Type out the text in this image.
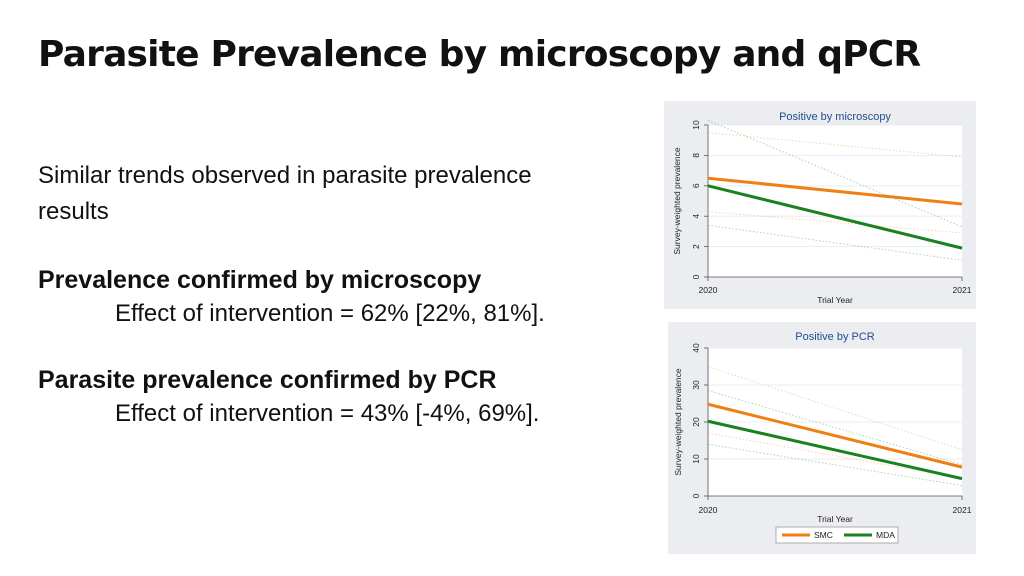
Parasite Prevalence by microscopy and qPCR

Similar trends observed in parasite prevalence

results

Prevalence confirmed by microscopy

Effect of intervention = 62% [22%, 81%].

Parasite prevalence confirmed by PCR

Effect of intervention = 43% [-4%, 69%].

Positive by microscopy
0
2
4
6
8
10
Survey-weighted prevalence
2020	2021
Trial Year
Positive by PCR
0
10
20
30
40
Survey-weighted prevalence
2020	2021
Trial Year
SMC	MDA
